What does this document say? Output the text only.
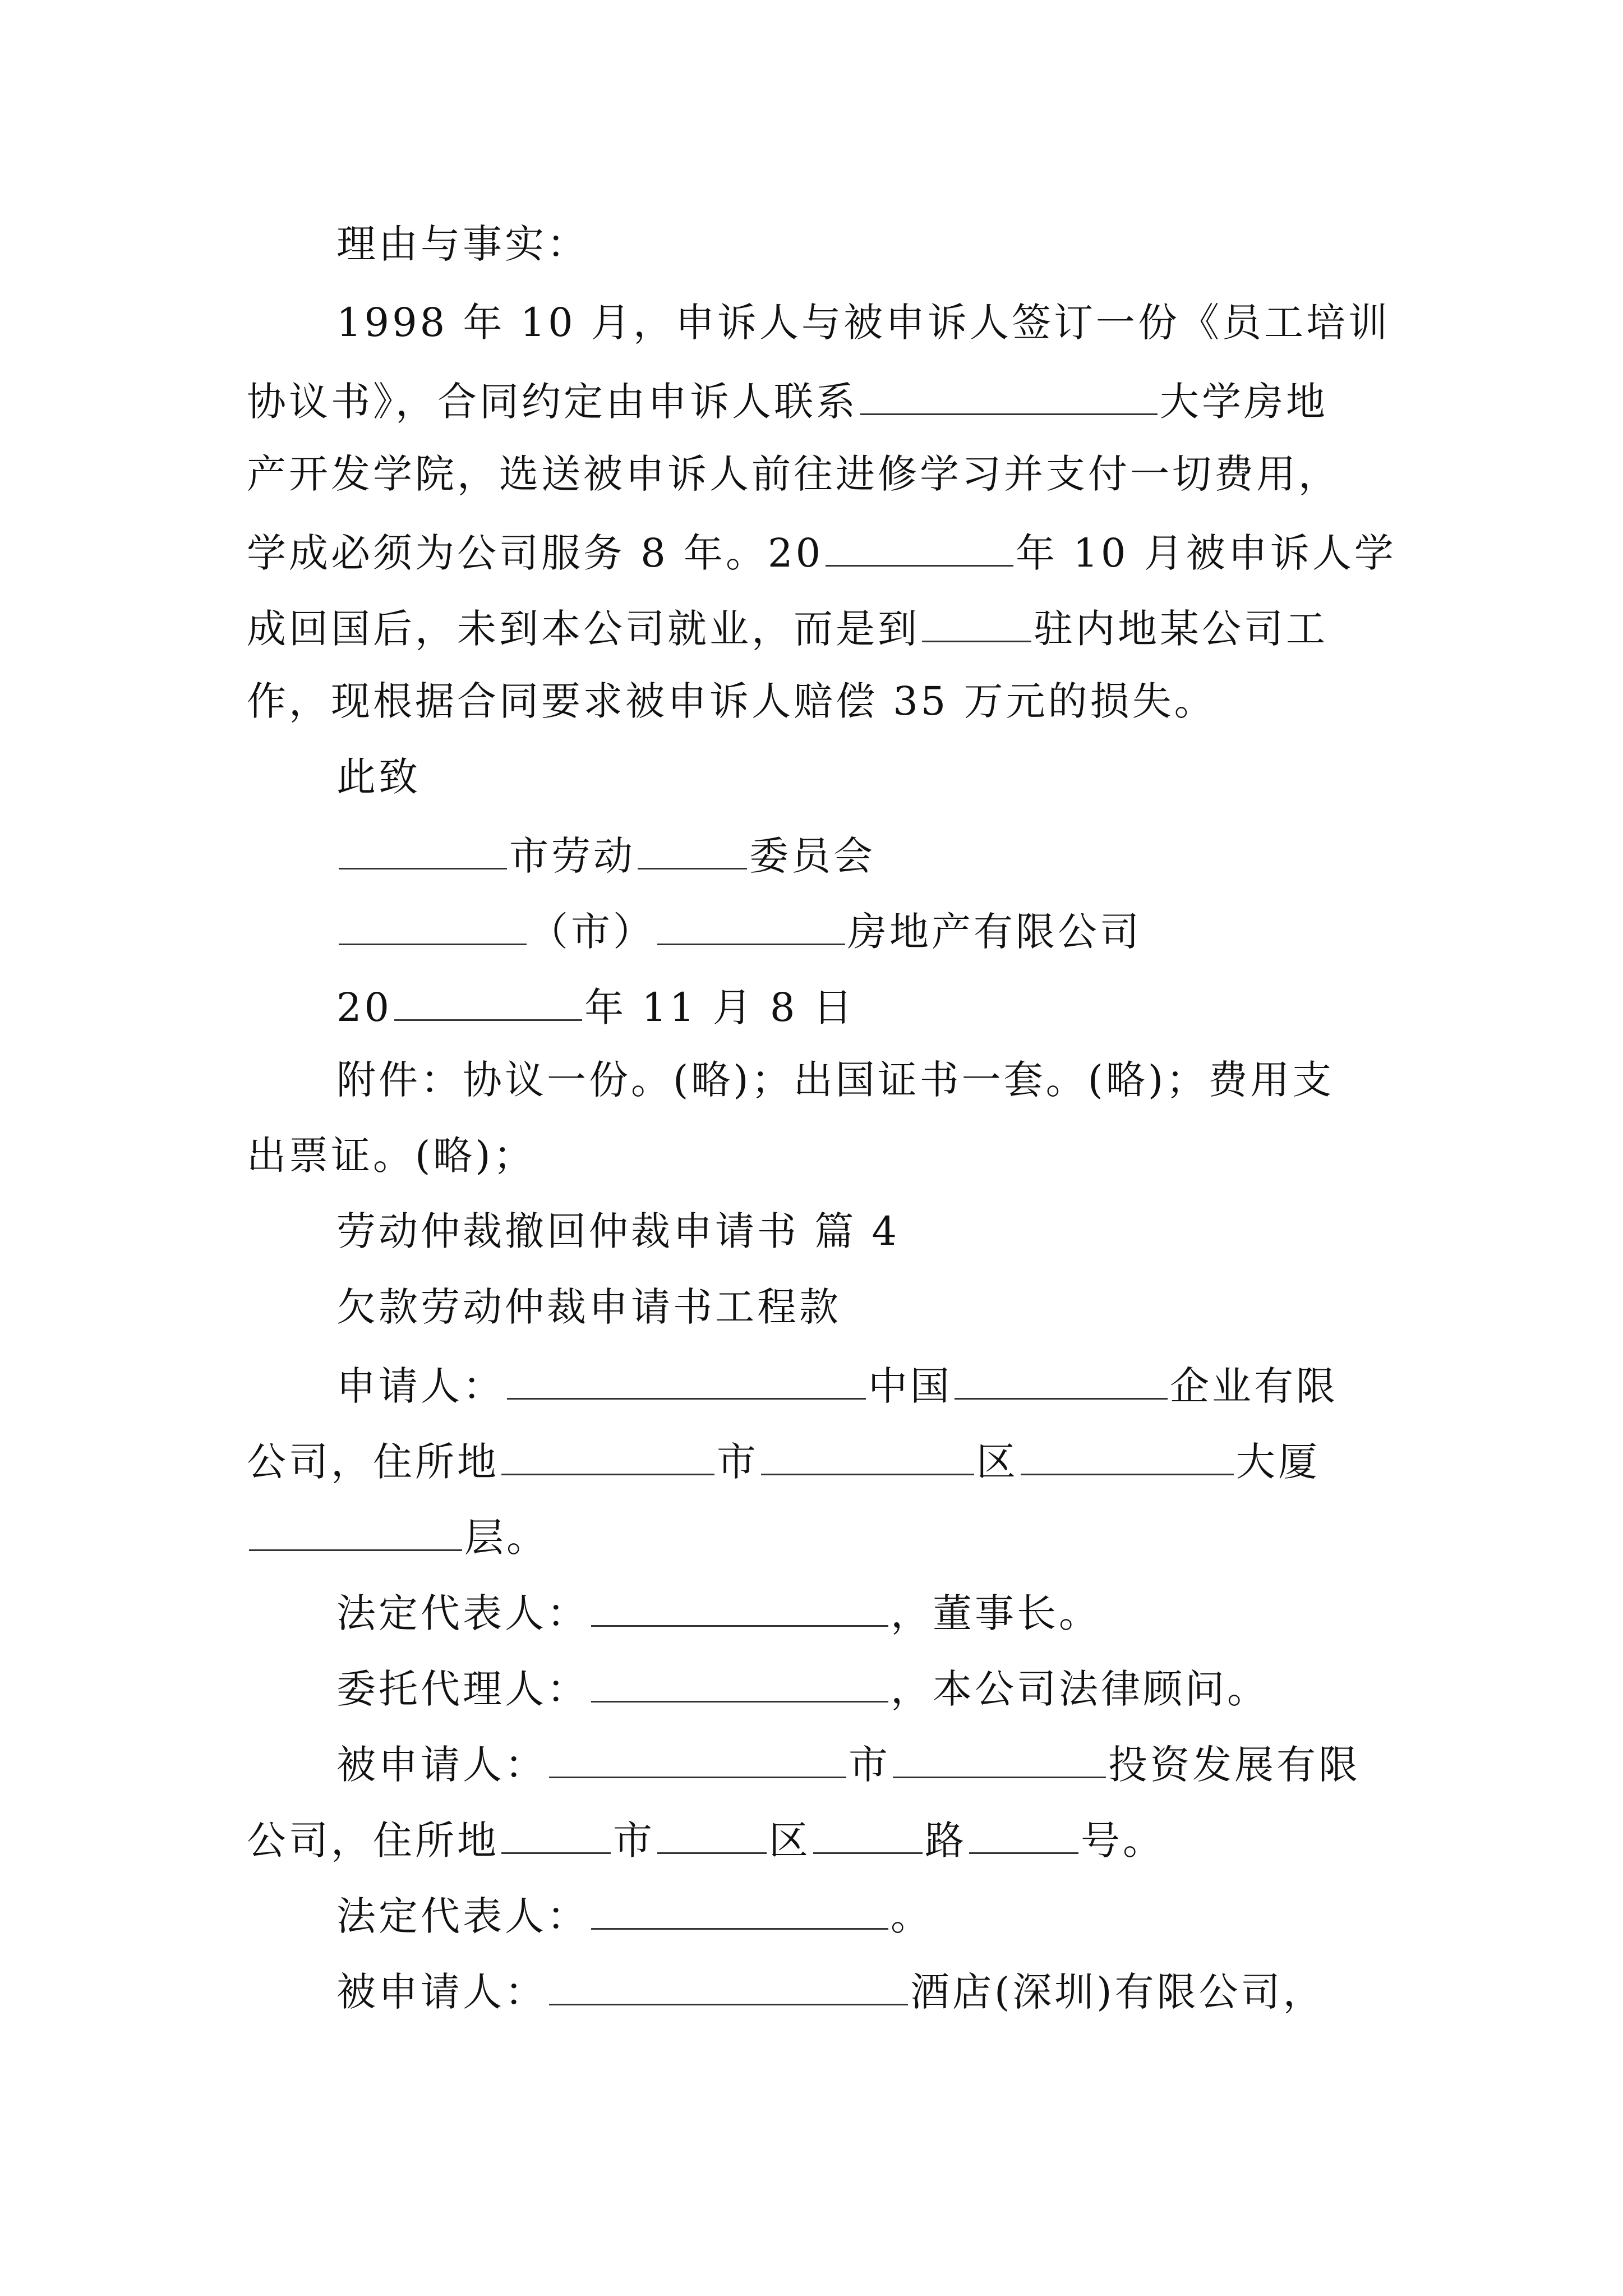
理由与事实：
1998 年 10 月，申诉人与被申诉人签订一份《员工培训
协议书》，合同约定由申诉人联系	大学房地
产开发学院，选送被申诉人前往进修学习并支付一切费用，
学成必须为公司服务 8 年。20	年 10 月被申诉人学
成回国后，未到本公司就业，而是到	驻内地某公司工
作，现根据合同要求被申诉人赔偿 35 万元的损失。
此致
市劳动	委员会
（市）	房地产有限公司
20	年 11 月 8 日
附件：协议一份。(略)；出国证书一套。(略)；费用支
出票证。(略)；
劳动仲裁撤回仲裁申请书 篇 4
欠款劳动仲裁申请书工程款
申请人：	中国	企业有限
公司，住所地	市	区	大厦
层。
法定代表人：	，董事长。
委托代理人：	，本公司法律顾问。
被申请人：	市	投资发展有限
公司，住所地	市	区	路	号。
法定代表人：	。
被申请人：	酒店(深圳)有限公司，
